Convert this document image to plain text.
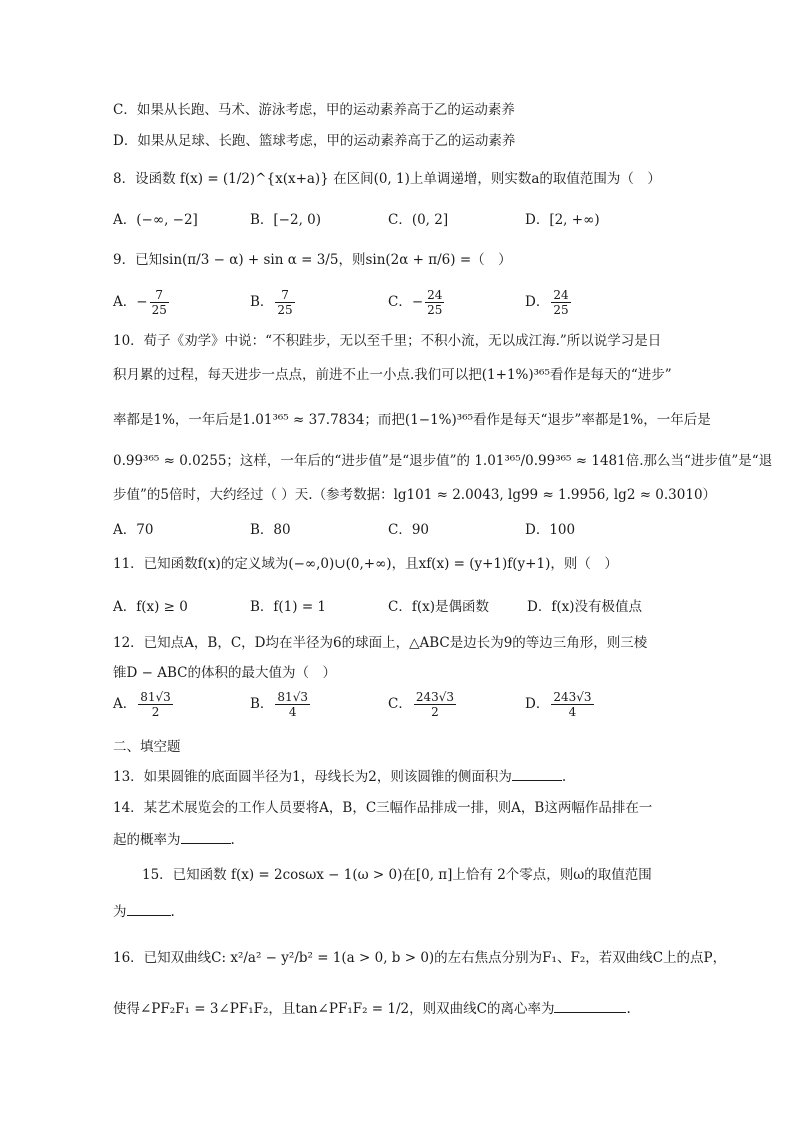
C．如果从长跑、马术、游泳考虑，甲的运动素养高于乙的运动素养
D．如果从足球、长跑、篮球考虑，甲的运动素养高于乙的运动素养
8．设函数 f(x) = (1/2)^{x(x+a)} 在区间(0, 1)上单调递增，则实数a的取值范围为（　）
A．(−∞, −2]	B．[−2, 0)	C．(0, 2]	D．[2, +∞)
9．已知sin(π/3 − α) + sin α = 3/5，则sin(2α + π/6) =（　）
A．− $\frac{7}{25}$	B． $\frac{7}{25}$	C．− $\frac{24}{25}$	D． $\frac{24}{25}$
10．荀子《劝学》中说：“不积跬步，无以至千里；不积小流，无以成江海.”所以说学习是日
积月累的过程，每天进步一点点，前进不止一小点.我们可以把(1+1%)³⁶⁵看作是每天的“进步”
率都是1%，一年后是1.01³⁶⁵ ≈ 37.7834；而把(1−1%)³⁶⁵看作是每天“退步”率都是1%，一年后是
0.99³⁶⁵ ≈ 0.0255；这样，一年后的“进步值”是“退步值”的 1.01³⁶⁵/0.99³⁶⁵ ≈ 1481倍.那么当“进步值”是“退
步值”的5倍时，大约经过（ ）天.（参考数据：lg101 ≈ 2.0043, lg99 ≈ 1.9956, lg2 ≈ 0.3010）
A．70	B．80	C．90	D．100
11．已知函数f(x)的定义域为(−∞,0)∪(0,+∞)，且xf(x) = (y+1)f(y+1)，则（　）
A．f(x) ≥ 0	B．f(1) = 1	C．f(x)是偶函数	D．f(x)没有极值点
12．已知点A，B，C，D均在半径为6的球面上，△ABC是边长为9的等边三角形，则三棱
锥D − ABC的体积的最大值为（　）
A． $\frac{81√3}{2}$	B． $\frac{81√3}{4}$	C． $\frac{243√3}{2}$	D． $\frac{243√3}{4}$
二、填空题
13．如果圆锥的底面圆半径为1，母线长为2，则该圆锥的侧面积为	.
14．某艺术展览会的工作人员要将A，B，C三幅作品排成一排，则A，B这两幅作品排在一
起的概率为	.
15．已知函数 f(x) = 2cosωx − 1(ω > 0)在[0, π]上恰有 2个零点，则ω的取值范围
为	.
16．已知双曲线C: x²/a² − y²/b² = 1(a > 0, b > 0)的左右焦点分别为F₁、F₂，若双曲线C上的点P，
使得∠PF₂F₁ = 3∠PF₁F₂，且tan∠PF₁F₂ = 1/2，则双曲线C的离心率为	.
